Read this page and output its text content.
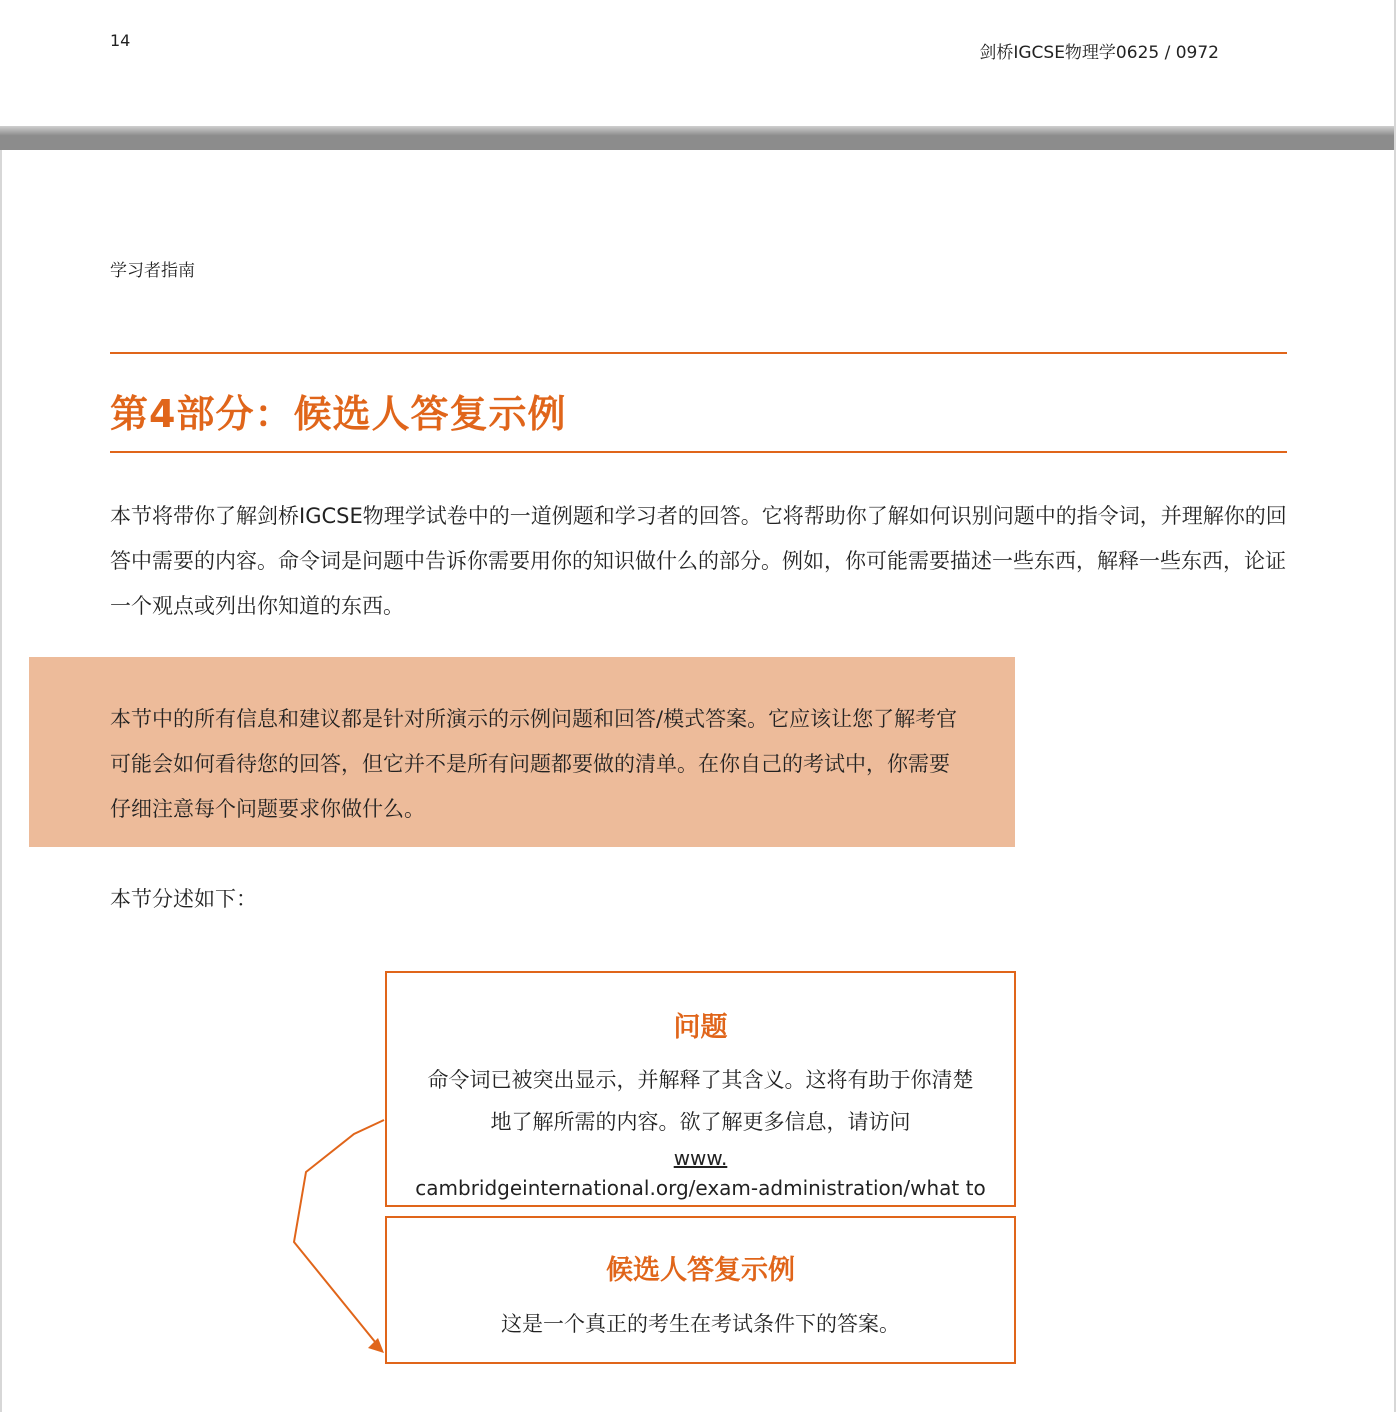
14
剑桥IGCSE物理学0625 / 0972
学习者指南
第4部分：候选人答复示例

本节将带你了解剑桥IGCSE物理学试卷中的一道例题和学习者的回答。它将帮助你了解如何识别问题中的指令词，并理解你的回答中需要的内容。命令词是问题中告诉你需要用你的知识做什么的部分。例如，你可能需要描述一些东西，解释一些东西，论证一个观点或列出你知道的东西。

本节中的所有信息和建议都是针对所演示的示例问题和回答/模式答案。它应该让您了解考官可能会如何看待您的回答，但它并不是所有问题都要做的清单。在你自己的考试中，你需要仔细注意每个问题要求你做什么。

本节分述如下：
问题

命令词已被突出显示，并解释了其含义。这将有助于你清楚地了解所需的内容。欲了解更多信息，请访问

www.
cambridgeinternational.org/exam-administration/what to
候选人答复示例

这是一个真正的考生在考试条件下的答案。
